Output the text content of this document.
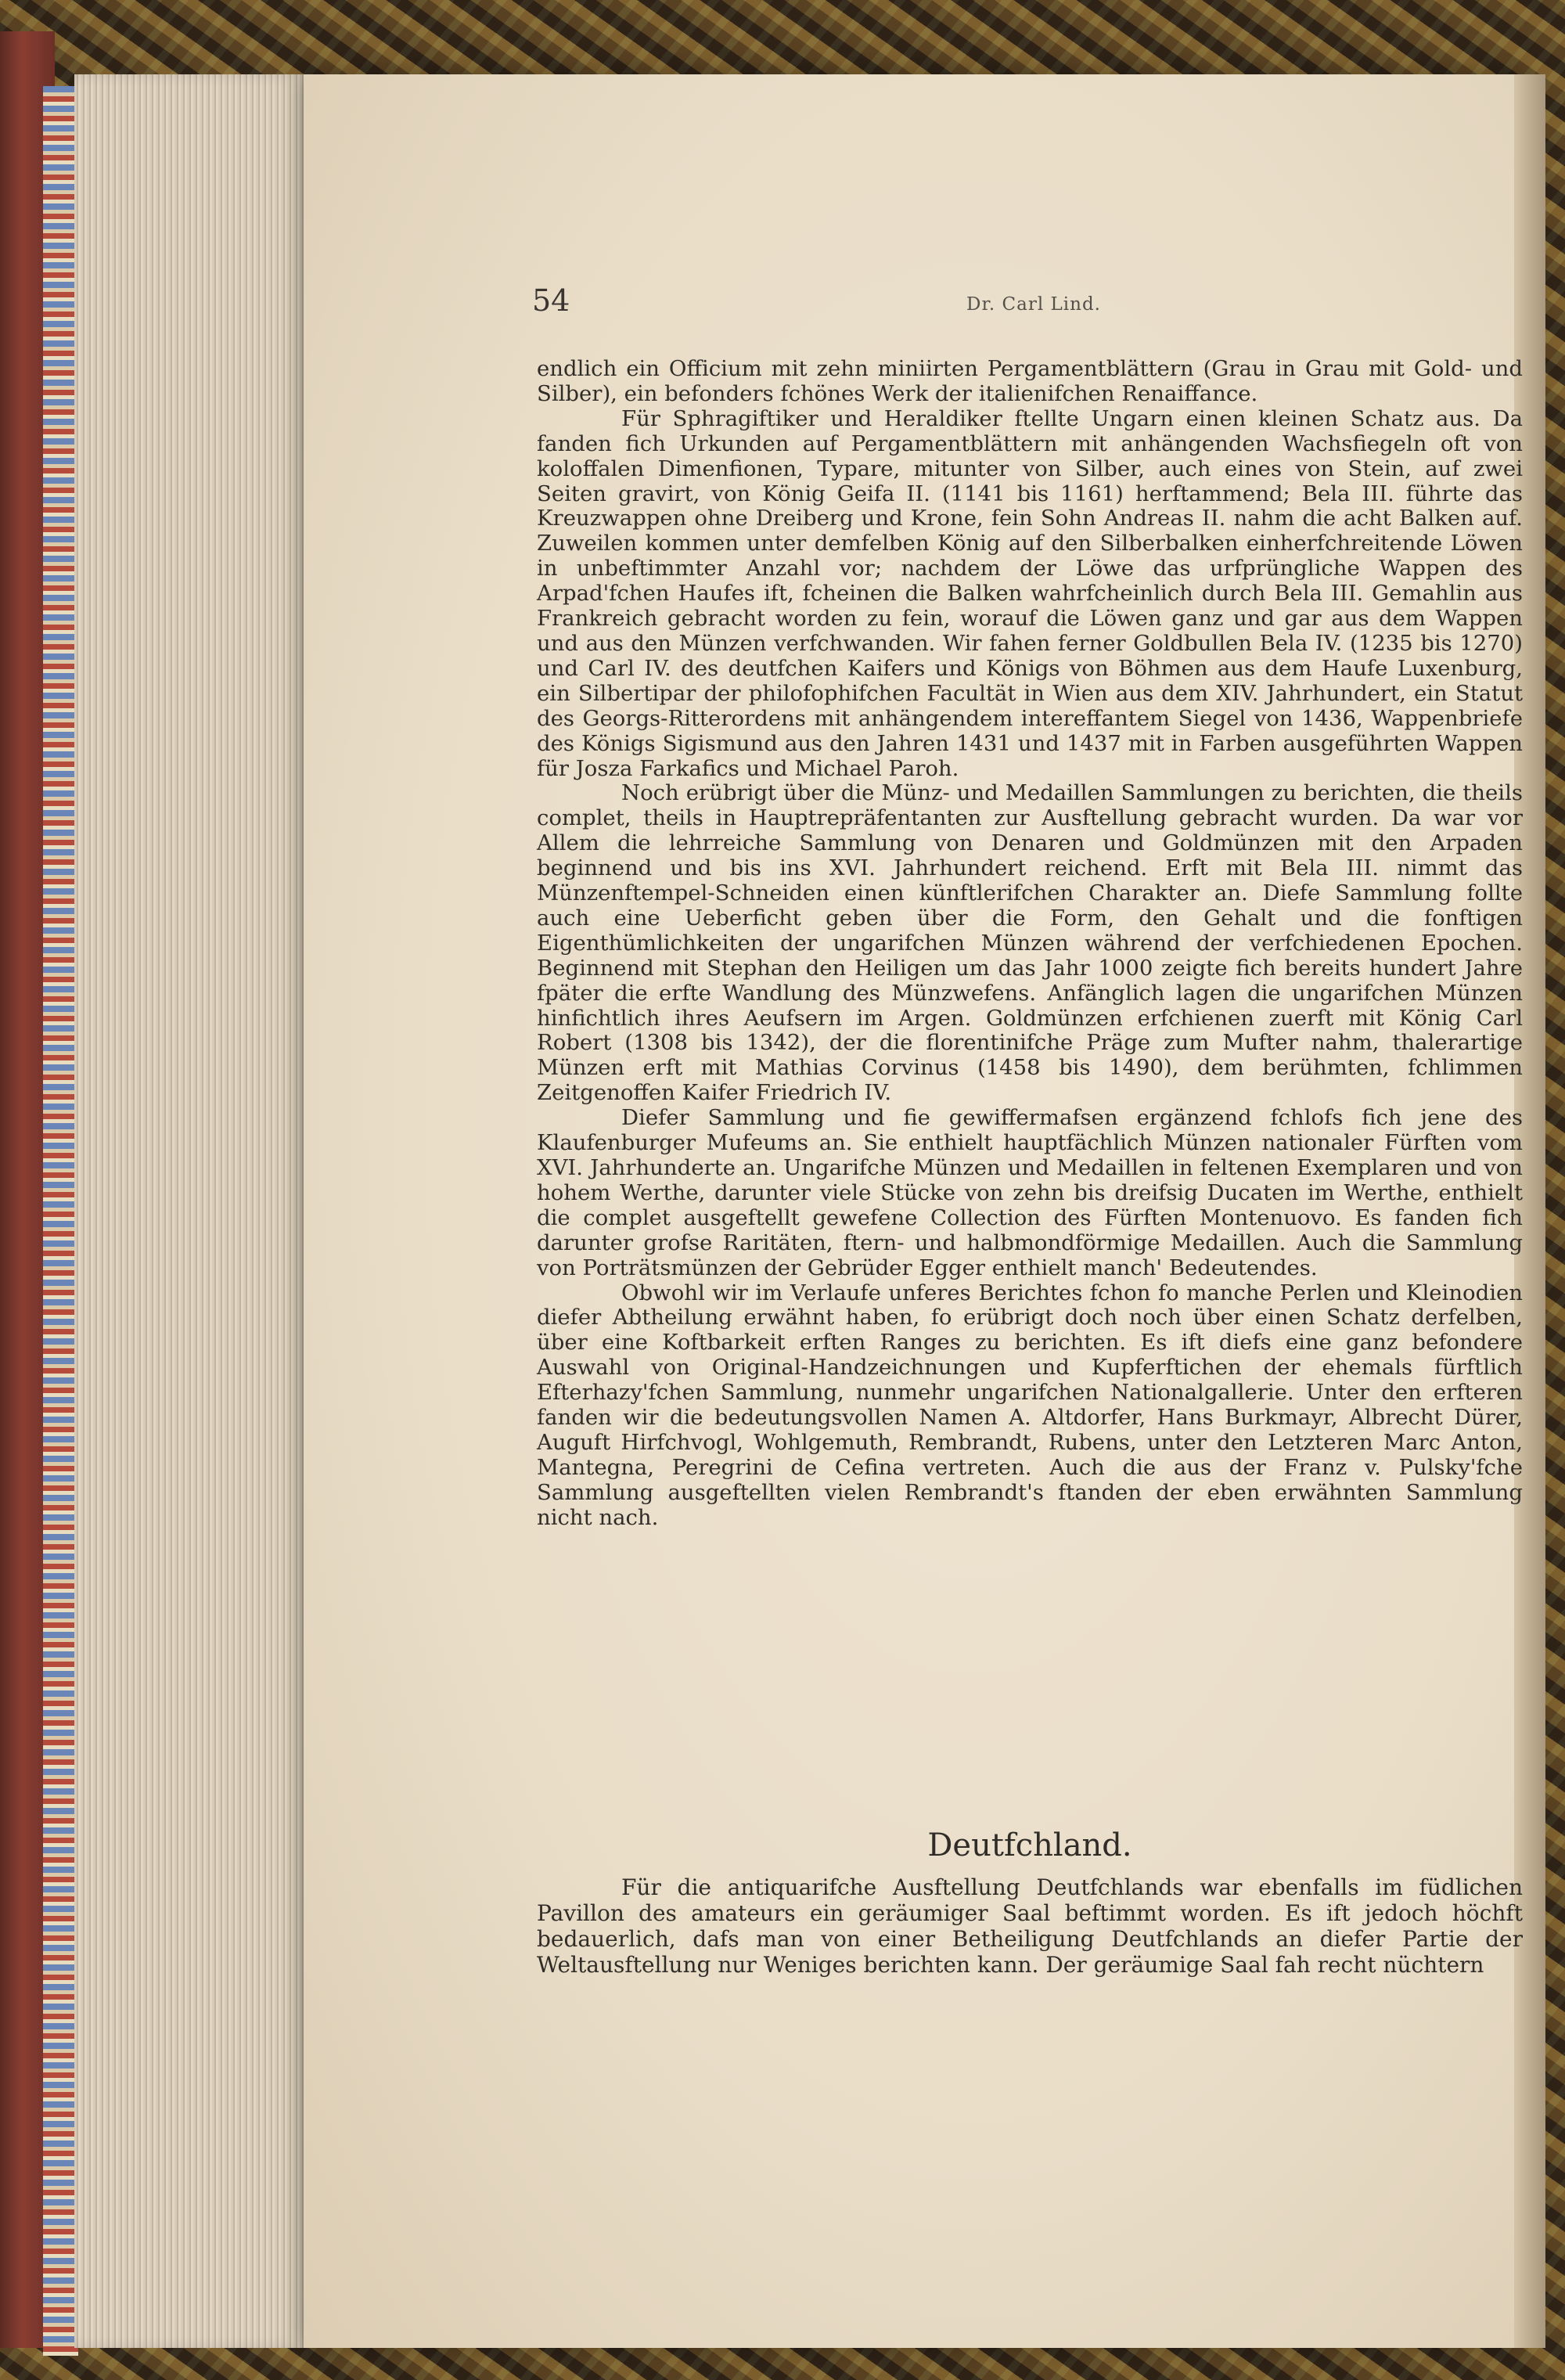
54	Dr. Carl Lind.

endlich ein Officium mit zehn miniirten Pergamentblättern (Grau in Grau mit Gold- und Silber), ein befonders fchönes Werk der italienifchen Renaiffance.

Für Sphragiftiker und Heraldiker ftellte Ungarn einen kleinen Schatz aus. Da fanden fich Urkunden auf Pergamentblättern mit anhängenden Wachsfiegeln oft von koloffalen Dimenfionen, Typare, mitunter von Silber, auch eines von Stein, auf zwei Seiten gravirt, von König Geifa II. (1141 bis 1161) herftammend; Bela III. führte das Kreuzwappen ohne Dreiberg und Krone, fein Sohn Andreas II. nahm die acht Balken auf. Zuweilen kommen unter demfelben König auf den Silberbalken einherfchreitende Löwen in unbeftimmter Anzahl vor; nachdem der Löwe das urfprüngliche Wappen des Arpad'fchen Haufes ift, fcheinen die Balken wahrfcheinlich durch Bela III. Gemahlin aus Frankreich gebracht worden zu fein, worauf die Löwen ganz und gar aus dem Wappen und aus den Münzen verfchwanden. Wir fahen ferner Goldbullen Bela IV. (1235 bis 1270) und Carl IV. des deutfchen Kaifers und Königs von Böhmen aus dem Haufe Luxenburg, ein Silbertipar der philofophifchen Facultät in Wien aus dem XIV. Jahrhundert, ein Statut des Georgs-Ritterordens mit anhängendem intereffantem Siegel von 1436, Wappenbriefe des Königs Sigismund aus den Jahren 1431 und 1437 mit in Farben ausgeführten Wappen für Josza Farkafics und Michael Paroh.

Noch erübrigt über die Münz- und Medaillen Sammlungen zu berichten, die theils complet, theils in Hauptrepräfentanten zur Ausftellung gebracht wurden. Da war vor Allem die lehrreiche Sammlung von Denaren und Goldmünzen mit den Arpaden beginnend und bis ins XVI. Jahrhundert reichend. Erft mit Bela III. nimmt das Münzenftempel-Schneiden einen künftlerifchen Charakter an. Diefe Sammlung follte auch eine Ueberficht geben über die Form, den Gehalt und die fonftigen Eigenthümlichkeiten der ungarifchen Münzen während der verfchiedenen Epochen. Beginnend mit Stephan den Heiligen um das Jahr 1000 zeigte fich bereits hundert Jahre fpäter die erfte Wandlung des Münzwefens. Anfänglich lagen die ungarifchen Münzen hinfichtlich ihres Aeufsern im Argen. Goldmünzen erfchienen zuerft mit König Carl Robert (1308 bis 1342), der die florentinifche Präge zum Mufter nahm, thalerartige Münzen erft mit Mathias Corvinus (1458 bis 1490), dem berühmten, fchlimmen Zeitgenoffen Kaifer Friedrich IV.

Diefer Sammlung und fie gewiffermafsen ergänzend fchlofs fich jene des Klaufenburger Mufeums an. Sie enthielt hauptfächlich Münzen nationaler Fürften vom XVI. Jahrhunderte an. Ungarifche Münzen und Medaillen in feltenen Exemplaren und von hohem Werthe, darunter viele Stücke von zehn bis dreifsig Ducaten im Werthe, enthielt die complet ausgeftellt gewefene Collection des Fürften Montenuovo. Es fanden fich darunter grofse Raritäten, ftern- und halbmondförmige Medaillen. Auch die Sammlung von Porträtsmünzen der Gebrüder Egger enthielt manch' Bedeutendes.

Obwohl wir im Verlaufe unferes Berichtes fchon fo manche Perlen und Kleinodien diefer Abtheilung erwähnt haben, fo erübrigt doch noch über einen Schatz derfelben, über eine Koftbarkeit erften Ranges zu berichten. Es ift diefs eine ganz befondere Auswahl von Original-Handzeichnungen und Kupferftichen der ehemals fürftlich Efterhazy'fchen Sammlung, nunmehr ungarifchen Nationalgallerie. Unter den erfteren fanden wir die bedeutungsvollen Namen A. Altdorfer, Hans Burkmayr, Albrecht Dürer, Auguft Hirfchvogl, Wohlgemuth, Rembrandt, Rubens, unter den Letzteren Marc Anton, Mantegna, Peregrini de Cefina vertreten. Auch die aus der Franz v. Pulsky'fche Sammlung ausgeftellten vielen Rembrandt's ftanden der eben erwähnten Sammlung nicht nach.

Deutfchland.

Für die antiquarifche Ausftellung Deutfchlands war ebenfalls im füdlichen Pavillon des amateurs ein geräumiger Saal beftimmt worden. Es ift jedoch höchft bedauerlich, dafs man von einer Betheiligung Deutfchlands an diefer Partie der Weltausftellung nur Weniges berichten kann. Der geräumige Saal fah recht nüchtern
